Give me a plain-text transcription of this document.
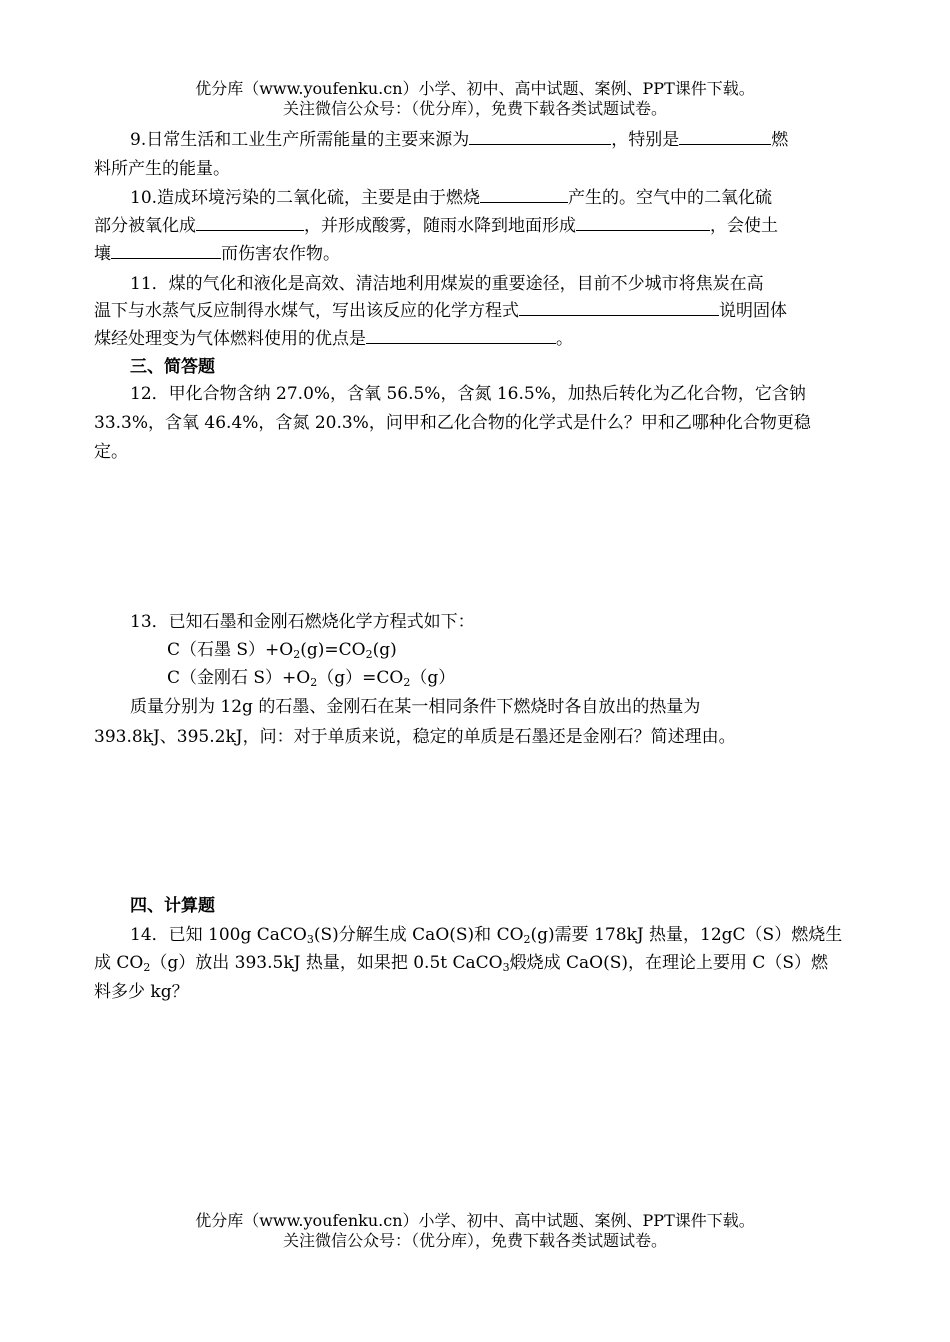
优分库（www.youfenku.cn）小学、初中、高中试题、案例、PPT课件下载。
关注微信公众号：（优分库），免费下载各类试题试卷。
9.日常生活和工业生产所需能量的主要来源为	，特别是	燃
料所产生的能量。
10.造成环境污染的二氧化硫，主要是由于燃烧	产生的。空气中的二氧化硫
部分被氧化成	，并形成酸雾，随雨水降到地面形成	，会使土
壤	而伤害农作物。
11．煤的气化和液化是高效、清洁地利用煤炭的重要途径，目前不少城市将焦炭在高
温下与水蒸气反应制得水煤气，写出该反应的化学方程式	说明固体
煤经处理变为气体燃料使用的优点是	。
三、简答题
12．甲化合物含纳 27.0%，含氧 56.5%，含氮 16.5%，加热后转化为乙化合物，它含钠
33.3%，含氧 46.4%，含氮 20.3%，问甲和乙化合物的化学式是什么？甲和乙哪种化合物更稳
定。
13．已知石墨和金刚石燃烧化学方程式如下：
C（石墨 $S)+O_2(g)=CO_2(g)$
C（金刚石 $S)+O_2(g)=CO_2(g)$
质量分别为 12g 的石墨、金刚石在某一相同条件下燃烧时各自放出的热量为
393.8kJ、395.2kJ，问：对于单质来说，稳定的单质是石墨还是金刚石？简述理由。
四、计算题
14．已知 100g CaCO$_3$(S)分解生成 CaO(S)和 $CO_2(g)$需要 178kJ 热量，12gC（S）燃烧生
成 $CO_2(g)$放出 393.5kJ 热量，如果把 0.5t CaCO$_3$煅烧成 CaO(S)，在理论上要用 C（S）燃
料多少 kg？
优分库（www.youfenku.cn）小学、初中、高中试题、案例、PPT课件下载。
关注微信公众号：（优分库），免费下载各类试题试卷。
